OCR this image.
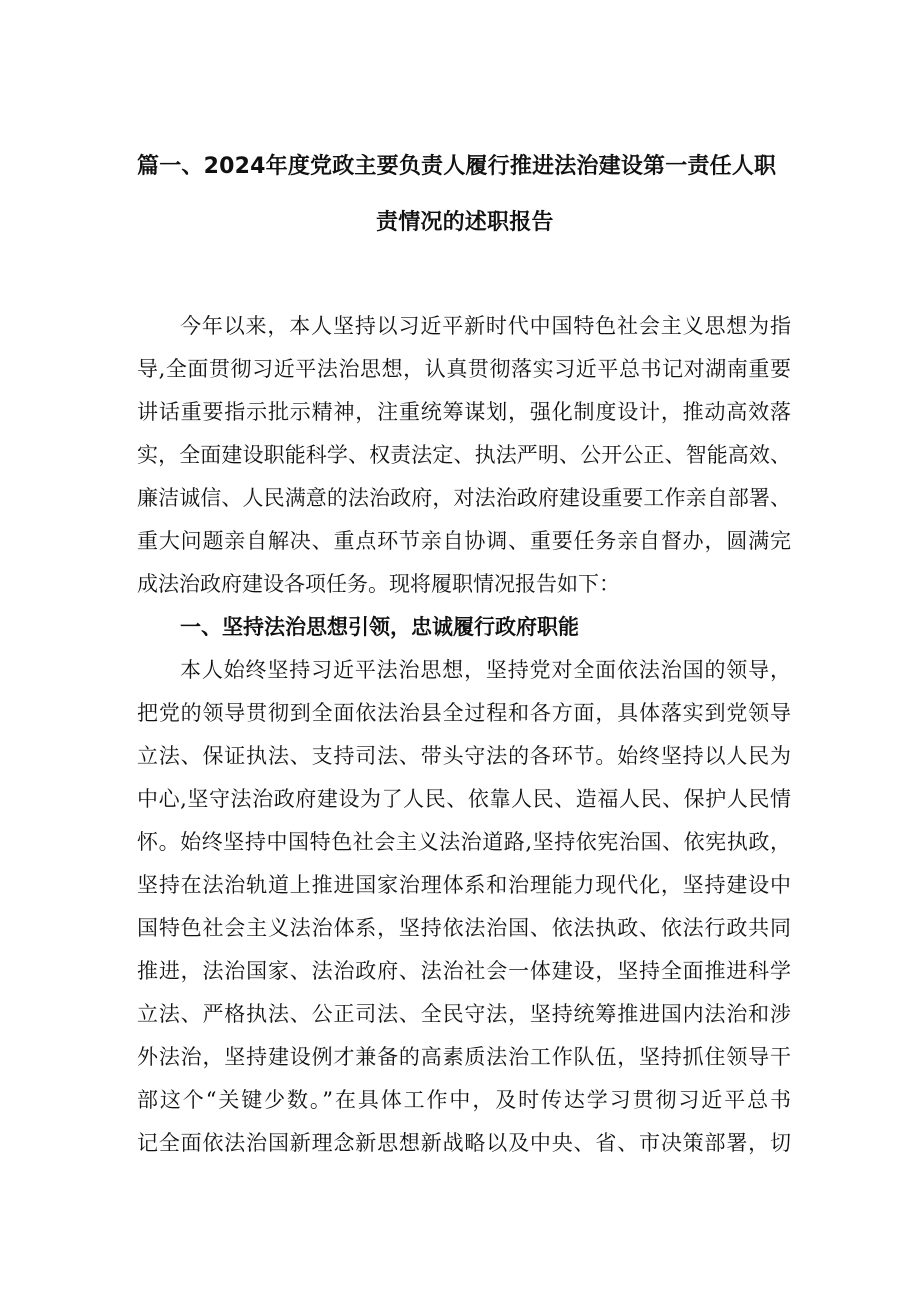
篇一、2024年度党政主要负责人履行推进法治建设第一责任人职
责情况的述职报告
今年以来，本人坚持以习近平新时代中国特色社会主义思想为指
导,全面贯彻习近平法治思想，认真贯彻落实习近平总书记对湖南重要
讲话重要指示批示精神，注重统筹谋划，强化制度设计，推动高效落
实，全面建设职能科学、权责法定、执法严明、公开公正、智能高效、
廉洁诚信、人民满意的法治政府，对法治政府建设重要工作亲自部署、
重大问题亲自解决、重点环节亲自协调、重要任务亲自督办，圆满完
成法治政府建设各项任务。现将履职情况报告如下：
一、坚持法治思想引领，忠诚履行政府职能
本人始终坚持习近平法治思想，坚持党对全面依法治国的领导，
把党的领导贯彻到全面依法治县全过程和各方面，具体落实到党领导
立法、保证执法、支持司法、带头守法的各环节。始终坚持以人民为
中心,坚守法治政府建设为了人民、依靠人民、造福人民、保护人民情
怀。始终坚持中国特色社会主义法治道路,坚持依宪治国、依宪执政，
坚持在法治轨道上推进国家治理体系和治理能力现代化，坚持建设中
国特色社会主义法治体系，坚持依法治国、依法执政、依法行政共同
推进，法治国家、法治政府、法治社会一体建设，坚持全面推进科学
立法、严格执法、公正司法、全民守法，坚持统筹推进国内法治和涉
外法治，坚持建设例才兼备的高素质法治工作队伍，坚持抓住领导干
部这个“关键少数。”在具体工作中，及时传达学习贯彻习近平总书
记全面依法治国新理念新思想新战略以及中央、省、市决策部署，切
